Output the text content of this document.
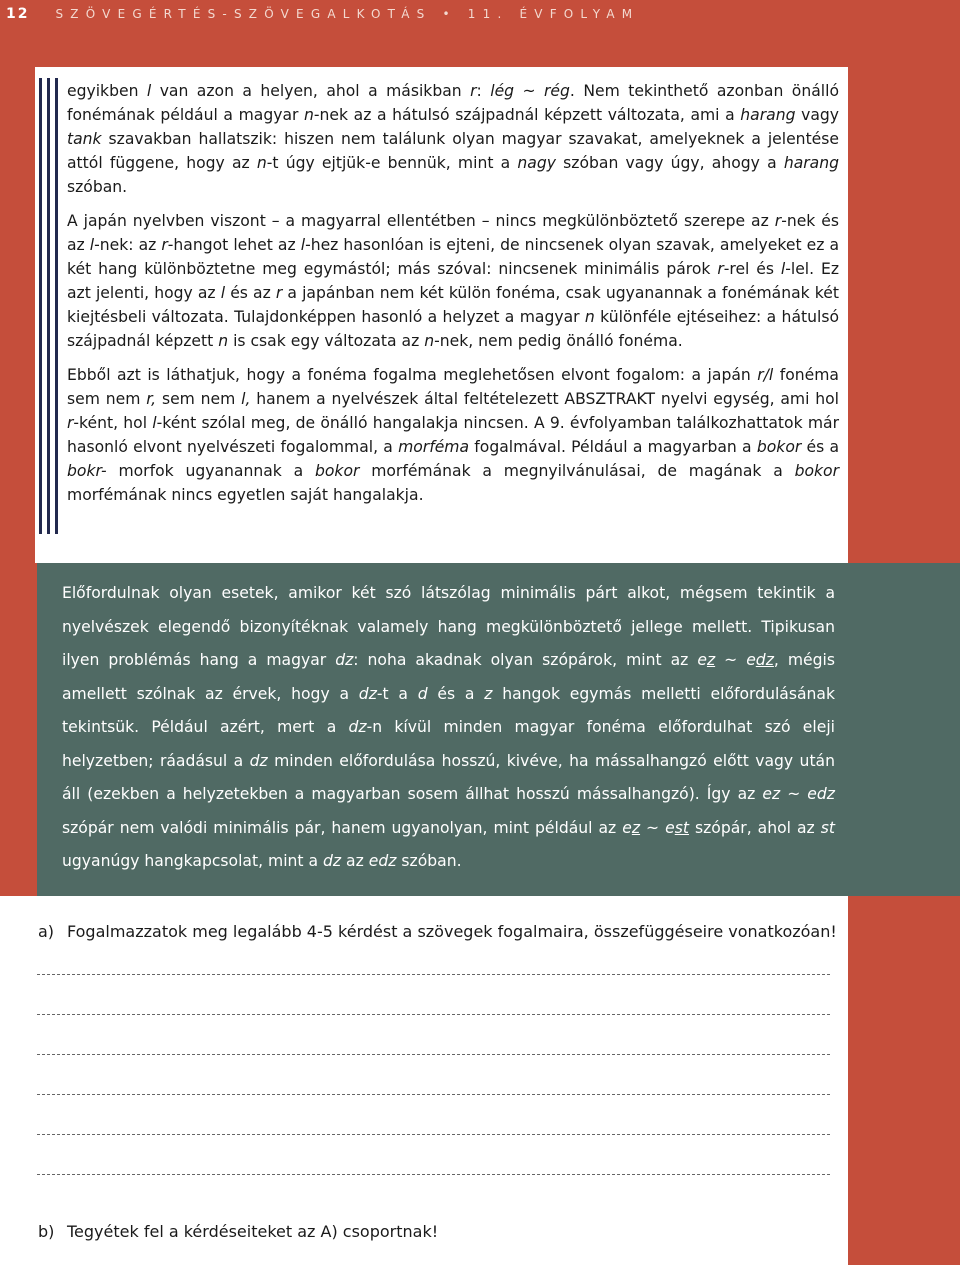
12 SZÖVEGÉRTÉS-SZÖVEGALKOTÁS • 11. ÉVFOLYAM

egyikben l van azon a helyen, ahol a másikban r: lég ~ rég. Nem tekinthető azonban önálló fonémának például a magyar n-nek az a hátulsó szájpadnál képzett változata, ami a harang vagy tank szavakban hallatszik: hiszen nem találunk olyan magyar szavakat, amelyeknek a jelentése attól függene, hogy az n-t úgy ejtjük-e bennük, mint a nagy szóban vagy úgy, ahogy a harang szóban.

A japán nyelvben viszont – a magyarral ellentétben – nincs megkülönböztető szerepe az r-nek és az l-nek: az r-hangot lehet az l-hez hasonlóan is ejteni, de nincsenek olyan szavak, amelyeket ez a két hang különböztetne meg egymástól; más szóval: nincsenek minimális párok r-rel és l-lel. Ez azt jelenti, hogy az l és az r a japánban nem két külön fonéma, csak ugyanannak a fonémának két kiejtésbeli változata. Tulajdonképpen hasonló a helyzet a magyar n különféle ejtéseihez: a hátulsó szájpadnál képzett n is csak egy változata az n-nek, nem pedig önálló fonéma.

Ebből azt is láthatjuk, hogy a fonéma fogalma meglehetősen elvont fogalom: a japán r/l fonéma sem nem r, sem nem l, hanem a nyelvészek által feltételezett ABSZTRAKT nyelvi egység, ami hol r-ként, hol l-ként szólal meg, de önálló hangalakja nincsen. A 9. évfolyamban találkozhattatok már hasonló elvont nyelvészeti fogalommal, a morféma fogalmával. Például a magyarban a bokor és a bokr- morfok ugyanannak a bokor morfémának a megnyilvánulásai, de magának a bokor morfémának nincs egyetlen saját hangalakja.

Előfordulnak olyan esetek, amikor két szó látszólag minimális párt alkot, mégsem tekintik a nyelvészek elegendő bizonyítéknak valamely hang megkülönböztető jellege mellett. Tipikusan ilyen problémás hang a magyar dz: noha akadnak olyan szópárok, mint az ez ~ edz, mégis amellett szólnak az érvek, hogy a dz-t a d és a z hangok egymás melletti előfordulásának tekintsük. Például azért, mert a dz-n kívül minden magyar fonéma előfordulhat szó eleji helyzetben; ráadásul a dz minden előfordulása hosszú, kivéve, ha mássalhangzó előtt vagy után áll (ezekben a helyzetekben a magyarban sosem állhat hosszú mássalhangzó). Így az ez ~ edz szópár nem valódi minimális pár, hanem ugyanolyan, mint például az ez ~ est szópár, ahol az st ugyanúgy hangkapcsolat, mint a dz az edz szóban.

a) Fogalmazzatok meg legalább 4-5 kérdést a szövegek fogalmaira, összefüggéseire vonatkozóan!
b) Tegyétek fel a kérdéseiteket az A) csoportnak!
